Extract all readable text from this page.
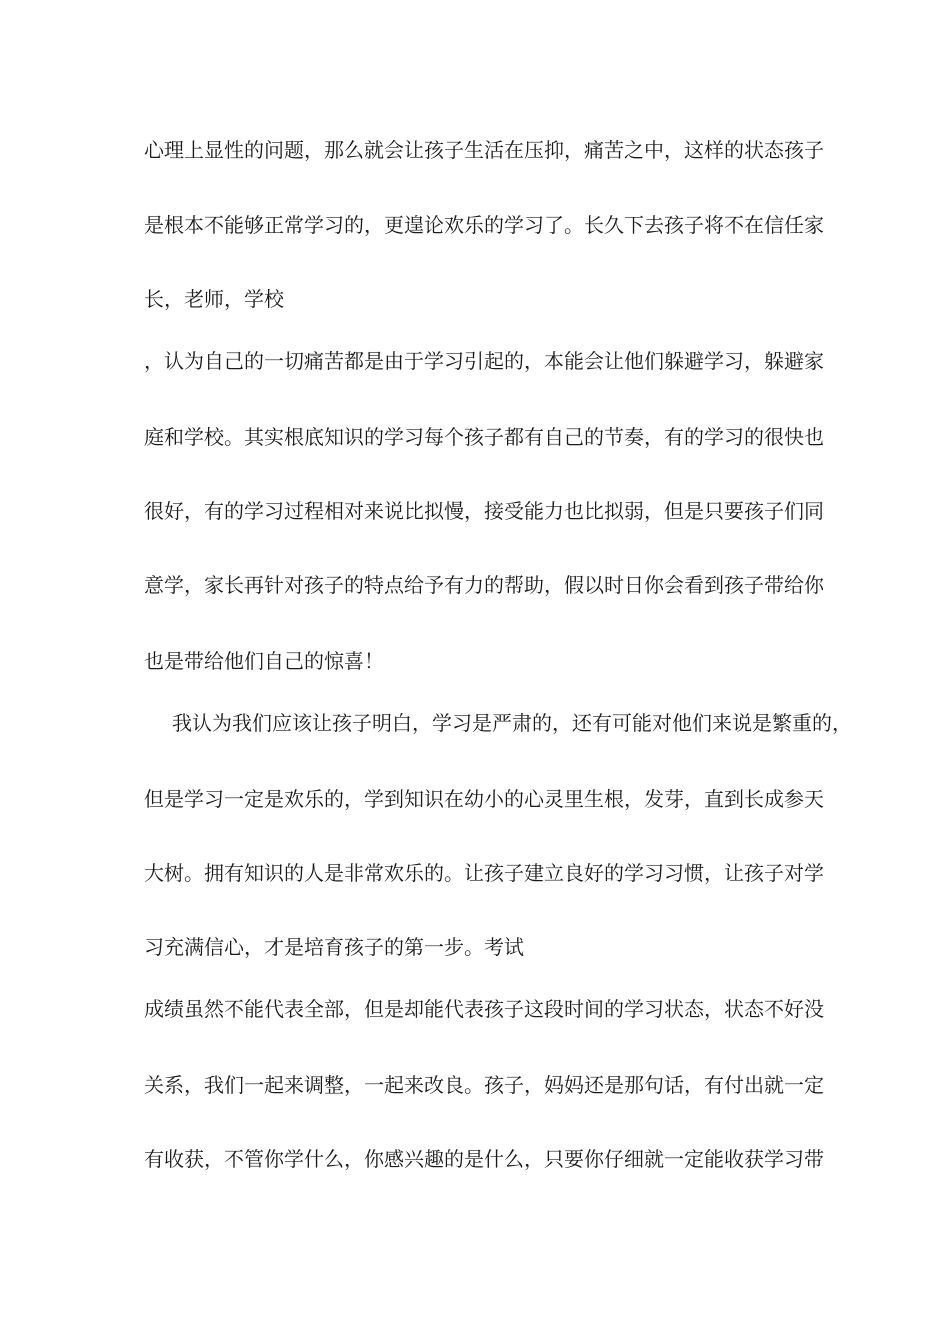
心理上显性的问题，那么就会让孩子生活在压抑，痛苦之中，这样的状态孩子
是根本不能够正常学习的，更遑论欢乐的学习了。长久下去孩子将不在信任家
长，老师，学校
，认为自己的一切痛苦都是由于学习引起的，本能会让他们躲避学习，躲避家
庭和学校。其实根底知识的学习每个孩子都有自己的节奏，有的学习的很快也
很好，有的学习过程相对来说比拟慢，接受能力也比拟弱，但是只要孩子们同
意学，家长再针对孩子的特点给予有力的帮助，假以时日你会看到孩子带给你
也是带给他们自己的惊喜！
我认为我们应该让孩子明白，学习是严肃的，还有可能对他们来说是繁重的，
但是学习一定是欢乐的，学到知识在幼小的心灵里生根，发芽，直到长成参天
大树。拥有知识的人是非常欢乐的。让孩子建立良好的学习习惯，让孩子对学
习充满信心，才是培育孩子的第一步。考试
成绩虽然不能代表全部，但是却能代表孩子这段时间的学习状态，状态不好没
关系，我们一起来调整，一起来改良。孩子，妈妈还是那句话，有付出就一定
有收获，不管你学什么，你感兴趣的是什么，只要你仔细就一定能收获学习带
